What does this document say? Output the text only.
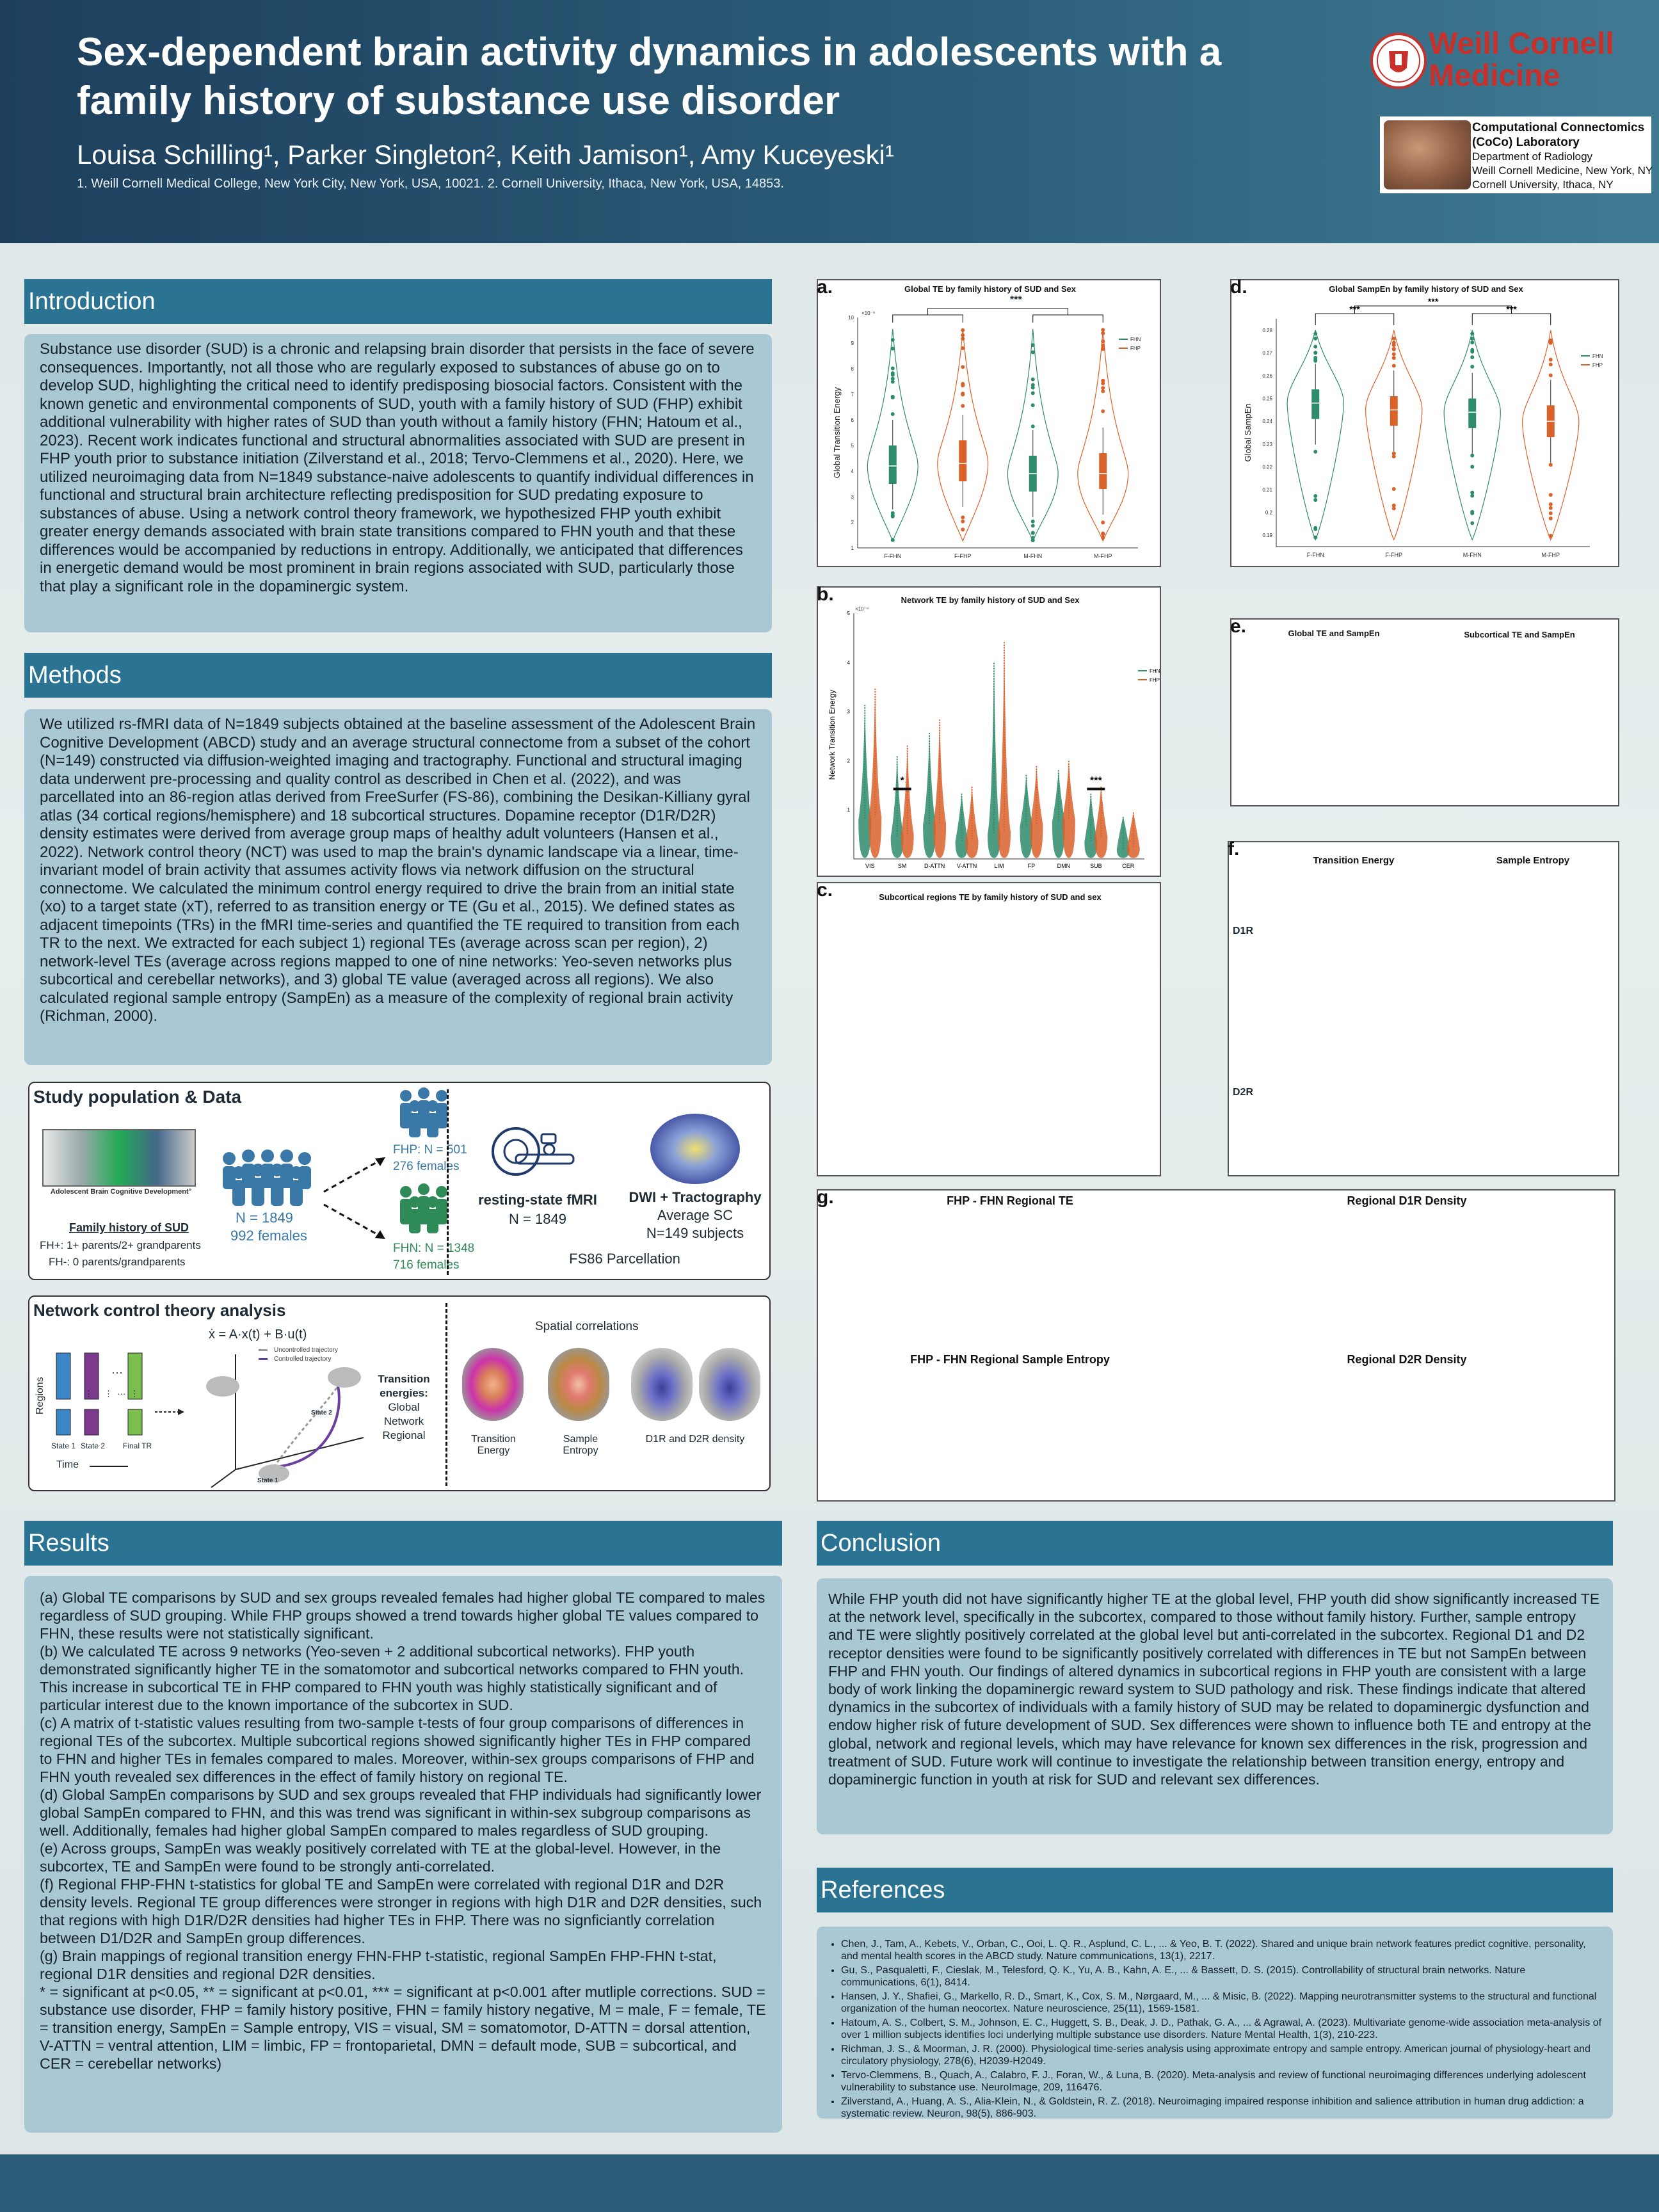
Sex-dependent brain activity dynamics in adolescents with a family history of substance use disorder
Louisa Schilling¹, Parker Singleton², Keith Jamison¹, Amy Kuceyeski¹
1. Weill Cornell Medical College, New York City, New York, USA, 10021. 2. Cornell University, Ithaca, New York, USA, 14853.
Weill Cornell
Medicine
Computational Connectomics (CoCo) Laboratory
Department of Radiology
Weill Cornell Medicine, New York, NY
Cornell University, Ithaca, NY
Introduction

Substance use disorder (SUD) is a chronic and relapsing brain disorder that persists in the face of severe consequences. Importantly, not all those who are regularly exposed to substances of abuse go on to develop SUD, highlighting the critical need to identify predisposing biosocial factors. Consistent with the known genetic and environmental components of SUD, youth with a family history of SUD (FHP) exhibit additional vulnerability with higher rates of SUD than youth without a family history (FHN; Hatoum et al., 2023). Recent work indicates functional and structural abnormalities associated with SUD are present in FHP youth prior to substance initiation (Zilverstand et al., 2018; Tervo-Clemmens et al., 2020). Here, we utilized neuroimaging data from N=1849 substance-naive adolescents to quantify individual differences in functional and structural brain architecture reflecting predisposition for SUD predating exposure to substances of abuse. Using a network control theory framework, we hypothesized FHP youth exhibit greater energy demands associated with brain state transitions compared to FHN youth and that these differences would be accompanied by reductions in entropy. Additionally, we anticipated that differences in energetic demand would be most prominent in brain regions associated with SUD, particularly those that play a significant role in the dopaminergic system.

Methods

We utilized rs-fMRI data of N=1849 subjects obtained at the baseline assessment of the Adolescent Brain Cognitive Development (ABCD) study and an average structural connectome from a subset of the cohort (N=149) constructed via diffusion-weighted imaging and tractography. Functional and structural imaging data underwent pre-processing and quality control as described in Chen et al. (2022), and was parcellated into an 86-region atlas derived from FreeSurfer (FS-86), combining the Desikan-Killiany gyral atlas (34 cortical regions/hemisphere) and 18 subcortical structures. Dopamine receptor (D1R/D2R) density estimates were derived from average group maps of healthy adult volunteers (Hansen et al., 2022). Network control theory (NCT) was used to map the brain's dynamic landscape via a linear, time-invariant model of brain activity that assumes activity flows via network diffusion on the structural connectome. We calculated the minimum control energy required to drive the brain from an initial state (xo) to a target state (xT), referred to as transition energy or TE (Gu et al., 2015). We defined states as adjacent timepoints (TRs) in the fMRI time-series and quantified the TE required to transition from each TR to the next. We extracted for each subject 1) regional TEs (average across scan per region), 2) network-level TEs (average across regions mapped to one of nine networks: Yeo-seven networks plus subcortical and cerebellar networks), and 3) global TE value (averaged across all regions). We also calculated regional sample entropy (SampEn) as a measure of the complexity of regional brain activity (Richman, 2000).

Study population & Data
Adolescent Brain Cognitive Development°
Family history of SUD
FH+: 1+ parents/2+ grandparents
FH-: 0 parents/grandparents
N = 1849
992 females
FHP: N = 501
276 females
FHN: N = 1348
716 females
resting-state fMRI
N = 1849
DWI + Tractography
Average SC
N=149 subjects
FS86 Parcellation
Network control theory analysis
⋮     ⋮  ···  ⋮
···
Regions
State 1 State 2 Final TR
Time
ẋ = A·x(t) + B·u(t)
Uncontrolled trajectory
Controlled trajectory
State 2
State 1
Transition energies:
Global
Network
Regional
Spatial correlations
Transition Energy
Sample Entropy
D1R and D2R density
Results

(a) Global TE comparisons by SUD and sex groups revealed females had higher global TE compared to males regardless of SUD grouping. While FHP groups showed a trend towards higher global TE values compared to FHN, these results were not statistically significant.

(b) We calculated TE across 9 networks (Yeo-seven + 2 additional subcortical networks). FHP youth demonstrated significantly higher TE in the somatomotor and subcortical networks compared to FHN youth. This increase in subcortical TE in FHP compared to FHN youth was highly statistically significant and of particular interest due to the known importance of the subcortex in SUD.

(c) A matrix of t-statistic values resulting from two-sample t-tests of four group comparisons of differences in regional TEs of the subcortex. Multiple subcortical regions showed significantly higher TEs in FHP compared to FHN and higher TEs in females compared to males. Moreover, within-sex groups comparisons of FHP and FHN youth revealed sex differences in the effect of family history on regional TE.

(d) Global SampEn comparisons by SUD and sex groups revealed that FHP individuals had significantly lower global SampEn compared to FHN, and this was trend was significant in within-sex subgroup comparisons as well. Additionally, females had higher global SampEn compared to males regardless of SUD grouping.

(e) Across groups, SampEn was weakly positively correlated with TE at the global-level. However, in the subcortex, TE and SampEn were found to be strongly anti-correlated.

(f) Regional FHP-FHN t-statistics for global TE and SampEn were correlated with regional D1R and D2R density levels. Regional TE group differences were stronger in regions with high D1R and D2R densities, such that regions with high D1R/D2R densities had higher TEs in FHP. There was no signficiantly correlation between D1/D2R and SampEn group differences.

(g) Brain mappings of regional transition energy FHN-FHP t-statistic, regional SampEn FHP-FHN t-stat, regional D1R densities and regional D2R densities.

* = significant at p<0.05, ** = significant at p<0.01, *** = significant at p<0.001 after mutliple corrections. SUD = substance use disorder, FHP = family history positive, FHN = family history negative, M = male, F = female, TE = transition energy, SampEn = Sample entropy, VIS = visual, SM = somatomotor, D-ATTN = dorsal attention, V-ATTN = ventral attention, LIM = limbic, FP = frontoparietal, DMN = default mode, SUB = subcortical, and CER = cerebellar networks)

a.	Global TE by family history of SUD and Sex
***
1
2
3
4
5
6
7
8
9
10
Global Transition Energy
F-FHN	F-FHP	M-FHN	M-FHP
FHN
FHP
×10⁻⁹
d.	Global SampEn by family history of SUD and Sex
0.19
0.2
0.21
0.22
0.23
0.24
0.25
0.26
0.27
0.28
Global SampEn
F-FHN	F-FHP	M-FHN	M-FHP
FHN
FHP
***	***
***
b.	Network TE by family history of SUD and Sex
×10⁻⁸
1
2
3
4
5
Network Transition Energy
VIS	SM	D-ATTN V-ATTN	LIM	FP	DMN	SUB	CER
*	***
FHN
FHP
e.	Global TE and SampEn	Subcortical TE and SampEn
c.	Subcortical regions TE by family history of SUD and sex
f.
Transition Energy	Sample Entropy
D1R
D2R
g.	FHP - FHN Regional TE	Regional D1R Density
FHP - FHN Regional Sample Entropy	Regional D2R Density
Conclusion

While FHP youth did not have significantly higher TE at the global level, FHP youth did show significantly increased TE at the network level, specifically in the subcortex, compared to those without family history. Further, sample entropy and TE were slightly positively correlated at the global level but anti-correlated in the subcortex. Regional D1 and D2 receptor densities were found to be significantly positively correlated with differences in TE but not SampEn between FHP and FHN youth. Our findings of altered dynamics in subcortical regions in FHP youth are consistent with a large body of work linking the dopaminergic reward system to SUD pathology and risk. These findings indicate that altered dynamics in the subcortex of individuals with a family history of SUD may be related to dopaminergic dysfunction and endow higher risk of future development of SUD. Sex differences were shown to influence both TE and entropy at the global, network and regional levels, which may have relevance for known sex differences in the risk, progression and treatment of SUD. Future work will continue to investigate the relationship between transition energy, entropy and dopaminergic function in youth at risk for SUD and relevant sex differences.

References
• Chen, J., Tam, A., Kebets, V., Orban, C., Ooi, L. Q. R., Asplund, C. L., ... & Yeo, B. T. (2022). Shared and unique brain network features predict cognitive, personality, and mental health scores in the ABCD study. Nature communications, 13(1), 2217.
• Gu, S., Pasqualetti, F., Cieslak, M., Telesford, Q. K., Yu, A. B., Kahn, A. E., ... & Bassett, D. S. (2015). Controllability of structural brain networks. Nature communications, 6(1), 8414.
• Hansen, J. Y., Shafiei, G., Markello, R. D., Smart, K., Cox, S. M., Nørgaard, M., ... & Misic, B. (2022). Mapping neurotransmitter systems to the structural and functional organization of the human neocortex. Nature neuroscience, 25(11), 1569-1581.
• Hatoum, A. S., Colbert, S. M., Johnson, E. C., Huggett, S. B., Deak, J. D., Pathak, G. A., ... & Agrawal, A. (2023). Multivariate genome-wide association meta-analysis of over 1 million subjects identifies loci underlying multiple substance use disorders. Nature Mental Health, 1(3), 210-223.
• Richman, J. S., & Moorman, J. R. (2000). Physiological time-series analysis using approximate entropy and sample entropy. American journal of physiology-heart and circulatory physiology, 278(6), H2039-H2049.
• Tervo-Clemmens, B., Quach, A., Calabro, F. J., Foran, W., & Luna, B. (2020). Meta-analysis and review of functional neuroimaging differences underlying adolescent vulnerability to substance use. NeuroImage, 209, 116476.
• Zilverstand, A., Huang, A. S., Alia-Klein, N., & Goldstein, R. Z. (2018). Neuroimaging impaired response inhibition and salience attribution in human drug addiction: a systematic review. Neuron, 98(5), 886-903.
